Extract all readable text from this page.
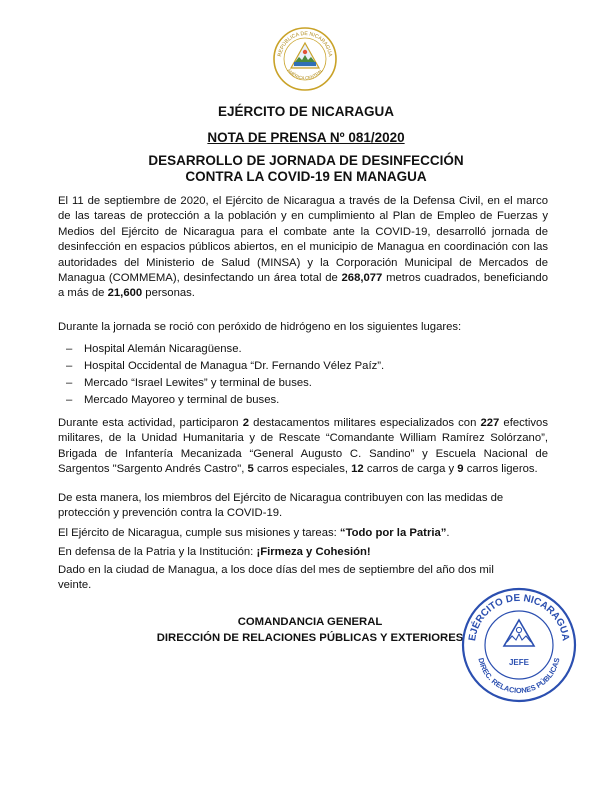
REPÚBLICA DE NICARAGUA
AMÉRICA CENTRAL
EJÉRCITO DE NICARAGUA
NOTA DE PRENSA Nº 081/2020
DESARROLLO DE JORNADA DE DESINFECCIÓN
CONTRA LA COVID-19 EN MANAGUA
El 11 de septiembre de 2020, el Ejército de Nicaragua a través de la Defensa Civil, en el marco de las tareas de protección a la población y en cumplimiento al Plan de Empleo de Fuerzas y Medios del Ejército de Nicaragua para el combate ante la COVID-19, desarrolló jornada de desinfección en espacios públicos abiertos, en el municipio de Managua en coordinación con las autoridades del Ministerio de Salud (MINSA) y la Corporación Municipal de Mercados de Managua (COMMEMA), desinfectando un área total de 268,077 metros cuadrados, beneficiando a más de 21,600 personas.
Durante la jornada se roció con peróxido de hidrógeno en los siguientes lugares:
– Hospital Alemán Nicaragüense.
– Hospital Occidental de Managua “Dr. Fernando Vélez Paíz”.
– Mercado “Israel Lewites” y terminal de buses.
– Mercado Mayoreo y terminal de buses.
Durante esta actividad, participaron 2 destacamentos militares especializados con 227 efectivos militares, de la Unidad Humanitaria y de Rescate “Comandante William Ramírez Solórzano”, Brigada de Infantería Mecanizada “General Augusto C. Sandino” y Escuela Nacional de Sargentos "Sargento Andrés Castro", 5 carros especiales, 12 carros de carga y 9 carros ligeros.
De esta manera, los miembros del Ejército de Nicaragua contribuyen con las medidas de protección y prevención contra la COVID-19.
El Ejército de Nicaragua, cumple sus misiones y tareas: “Todo por la Patria”.
En defensa de la Patria y la Institución: ¡Firmeza y Cohesión!
Dado en la ciudad de Managua, a los doce días del mes de septiembre del año dos mil veinte.
COMANDANCIA GENERAL
DIRECCIÓN DE RELACIONES PÚBLICAS Y EXTERIORES EJÉRCITO DE NICARAGUA
DIREC. RELACIONES PÚBLICAS
JEFE
